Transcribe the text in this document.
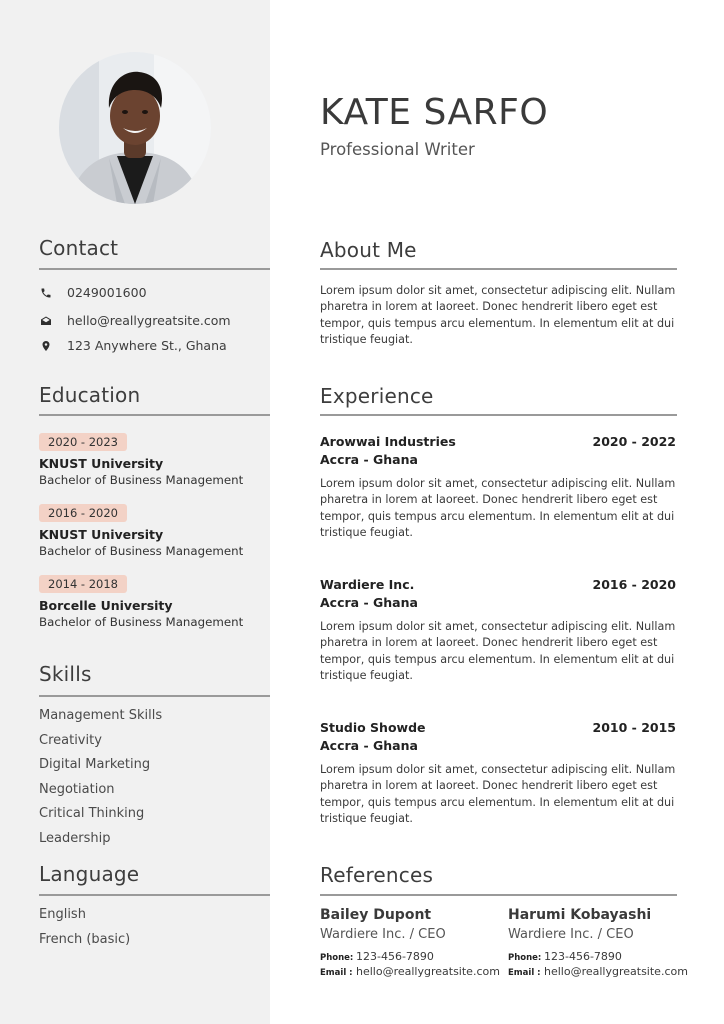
Contact
0249001600
hello@reallygreatsite.com
123 Anywhere St., Ghana
Education
2020 - 2023
KNUST University
Bachelor of Business Management
2016 - 2020
KNUST University
Bachelor of Business Management
2014 - 2018
Borcelle University
Bachelor of Business Management
Skills
Management Skills
Creativity
Digital Marketing
Negotiation
Critical Thinking
Leadership
Language
English
French (basic)
KATE SARFO
Professional Writer
About Me
Lorem ipsum dolor sit amet, consectetur adipiscing elit. Nullam pharetra in lorem at laoreet. Donec hendrerit libero eget est tempor, quis tempus arcu elementum. In elementum elit at dui tristique feugiat.
Experience
Arowwai Industries	2020 - 2022
Accra - Ghana
Lorem ipsum dolor sit amet, consectetur adipiscing elit. Nullam pharetra in lorem at laoreet. Donec hendrerit libero eget est tempor, quis tempus arcu elementum. In elementum elit at dui tristique feugiat.
Wardiere Inc.	2016 - 2020
Accra - Ghana
Lorem ipsum dolor sit amet, consectetur adipiscing elit. Nullam pharetra in lorem at laoreet. Donec hendrerit libero eget est tempor, quis tempus arcu elementum. In elementum elit at dui tristique feugiat.
Studio Showde	2010 - 2015
Accra - Ghana
Lorem ipsum dolor sit amet, consectetur adipiscing elit. Nullam pharetra in lorem at laoreet. Donec hendrerit libero eget est tempor, quis tempus arcu elementum. In elementum elit at dui tristique feugiat.
References
Bailey Dupont
Wardiere Inc. / CEO
Phone: 123-456-7890
Email : hello@reallygreatsite.com
Harumi Kobayashi
Wardiere Inc. / CEO
Phone: 123-456-7890
Email : hello@reallygreatsite.com
